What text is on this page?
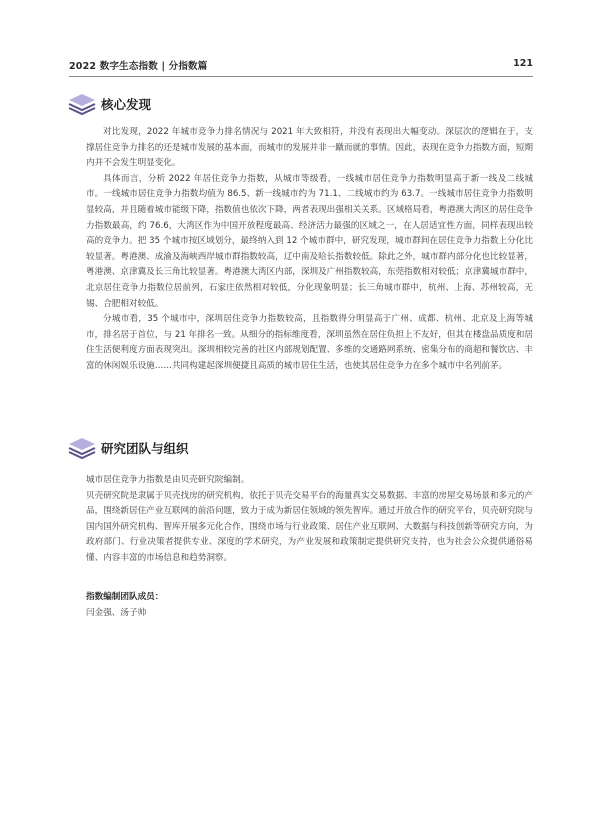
2022 数字生态指数 | 分指数篇	121
核心发现

对比发现，2022 年城市竞争力排名情况与 2021 年大致相符，并没有表现出大幅变动。深层次的逻辑在于，支撑居住竞争力排名的还是城市发展的基本面，而城市的发展并非一蹴而就的事情。因此，表现在竞争力指数方面，短期内并不会发生明显变化。

具体而言，分析 2022 年居住竞争力指数，从城市等级看，一线城市居住竞争力指数明显高于新一线及二线城市。一线城市居住竞争力指数均值为 86.5、新一线城市约为 71.1、二线城市约为 63.7。一线城市居住竞争力指数明显较高，并且随着城市能级下降，指数值也依次下降，两者表现出强相关关系。区域格局看，粤港澳大湾区的居住竞争力指数最高，约 76.6，大湾区作为中国开放程度最高、经济活力最强的区域之一，在人居适宜性方面，同样表现出较高的竞争力。把 35 个城市按区域划分，最终纳入到 12 个城市群中，研究发现，城市群间在居住竞争力指数上分化比较显著。粤港澳、成渝及海峡西岸城市群指数较高，辽中南及哈长指数较低。除此之外，城市群内部分化也比较显著，粤港澳、京津冀及长三角比较显著。粤港澳大湾区内部，深圳及广州指数较高，东莞指数相对较低；京津冀城市群中，北京居住竞争力指数位居前列，石家庄依然相对较低，分化现象明显；长三角城市群中，杭州、上海、苏州较高，无锡、合肥相对较低。

分城市看，35 个城市中，深圳居住竞争力指数较高，且指数得分明显高于广州、成都、杭州、北京及上海等城市，排名居于首位，与 21 年排名一致。从细分的指标维度看，深圳虽然在居住负担上不友好，但其在楼盘品质度和居住生活便利度方面表现突出。深圳相较完善的社区内部规划配置、多维的交通路网系统、密集分布的商超和餐饮店、丰富的休闲娱乐设施……共同构建起深圳便捷且高质的城市居住生活，也使其居住竞争力在多个城市中名列前茅。

研究团队与组织

城市居住竞争力指数是由贝壳研究院编制。

贝壳研究院是隶属于贝壳找房的研究机构，依托于贝壳交易平台的海量真实交易数据、丰富的房屋交易场景和多元的产品，围绕新居住产业互联网的前沿问题，致力于成为新居住领域的领先智库。通过开放合作的研究平台，贝壳研究院与国内国外研究机构、智库开展多元化合作，围绕市场与行业政策、居住产业互联网、大数据与科技创新等研究方向，为政府部门、行业决策者提供专业、深度的学术研究，为产业发展和政策制定提供研究支持，也为社会公众提供通俗易懂、内容丰富的市场信息和趋势洞察。

指数编制团队成员：
闫金强、汤子帅
